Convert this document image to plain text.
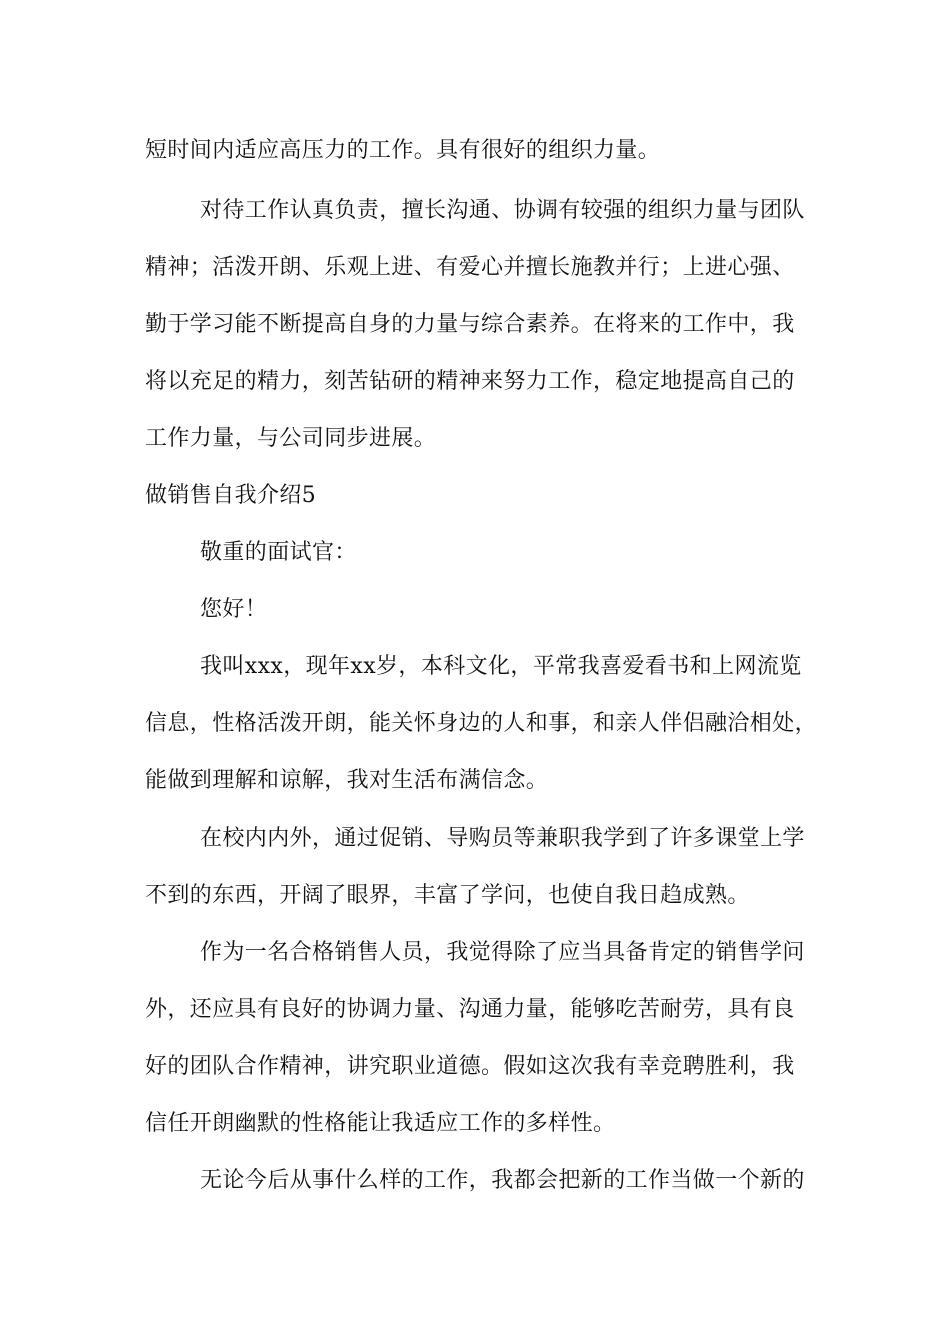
短时间内适应高压力的工作。具有很好的组织力量。
对待工作认真负责，擅长沟通、协调有较强的组织力量与团队
精神；活泼开朗、乐观上进、有爱心并擅长施教并行；上进心强、
勤于学习能不断提高自身的力量与综合素养。在将来的工作中，我
将以充足的精力，刻苦钻研的精神来努力工作，稳定地提高自己的
工作力量，与公司同步进展。
做销售自我介绍5
敬重的面试官：
您好！
我叫xxx，现年xx岁，本科文化，平常我喜爱看书和上网流览
信息，性格活泼开朗，能关怀身边的人和事，和亲人伴侣融洽相处，
能做到理解和谅解，我对生活布满信念。
在校内内外，通过促销、导购员等兼职我学到了许多课堂上学
不到的东西，开阔了眼界，丰富了学问，也使自我日趋成熟。
作为一名合格销售人员，我觉得除了应当具备肯定的销售学问
外，还应具有良好的协调力量、沟通力量，能够吃苦耐劳，具有良
好的团队合作精神，讲究职业道德。假如这次我有幸竞聘胜利，我
信任开朗幽默的性格能让我适应工作的多样性。
无论今后从事什么样的工作，我都会把新的工作当做一个新的
